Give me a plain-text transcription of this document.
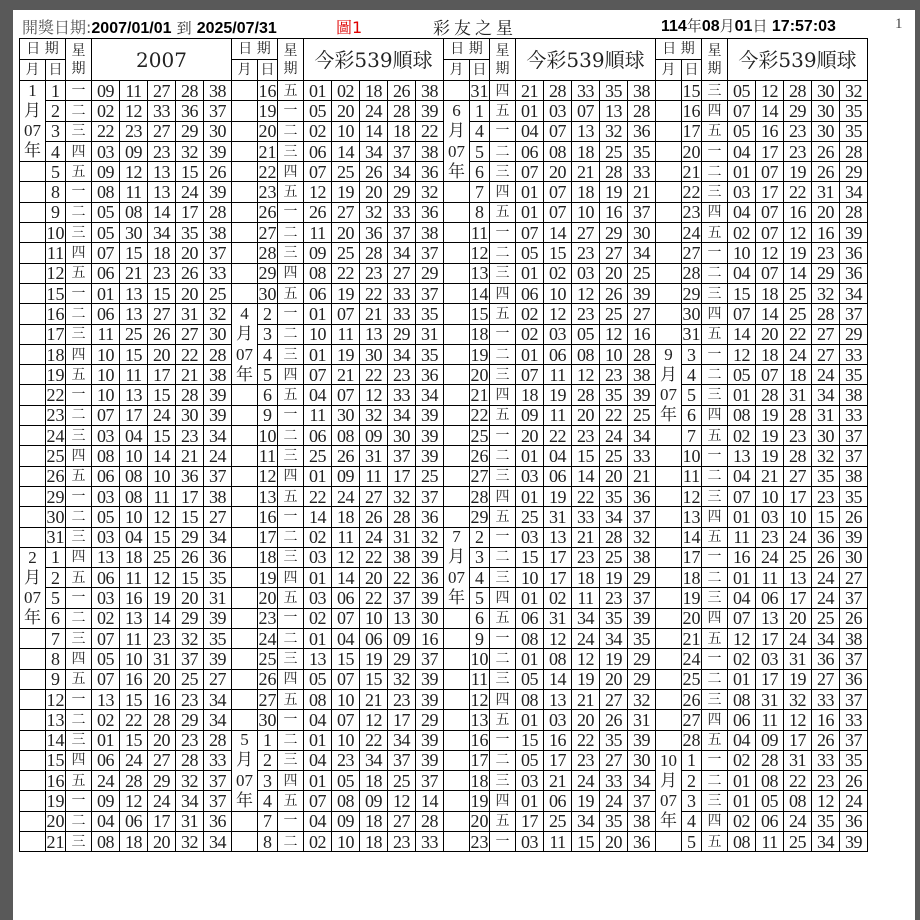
開獎日期:2007/01/01 到 2025/07/31	圖1	彩友之星	114年08月01日 17:57:03	1
日 期	星
期	2007	日 期	星
期	今彩539順球	日 期	星
期	今彩539順球	日 期	星
期	今彩539順球
月	日							月	日							月	日							月	日						
1	1	一	09	11	27	28	38		16	五	01	02	18	26	38		31	四	21	28	33	35	38		15	三	05	12	28	30	32
月	2	二	02	12	33	36	37		19	一	05	20	24	28	39	6	1	五	01	03	07	13	28		16	四	07	14	29	30	35
07	3	三	22	23	27	29	30		20	二	02	10	14	18	22	月	4	一	04	07	13	32	36		17	五	05	16	23	30	35
年	4	四	03	09	23	32	39		21	三	06	14	34	37	38	07	5	二	06	08	18	25	35		20	一	04	17	23	26	28
	5	五	09	12	13	15	26		22	四	07	25	26	34	36	年	6	三	07	20	21	28	33		21	二	01	07	19	26	29
	8	一	08	11	13	24	39		23	五	12	19	20	29	32		7	四	01	07	18	19	21		22	三	03	17	22	31	34
	9	二	05	08	14	17	28		26	一	26	27	32	33	36		8	五	01	07	10	16	37		23	四	04	07	16	20	28
	10	三	05	30	34	35	38		27	二	11	20	36	37	38		11	一	07	14	27	29	30		24	五	02	07	12	16	39
	11	四	07	15	18	20	37		28	三	09	25	28	34	37		12	二	05	15	23	27	34		27	一	10	12	19	23	36
	12	五	06	21	23	26	33		29	四	08	22	23	27	29		13	三	01	02	03	20	25		28	二	04	07	14	29	36
	15	一	01	13	15	20	25		30	五	06	19	22	33	37		14	四	06	10	12	26	39		29	三	15	18	25	32	34
	16	二	06	13	27	31	32	4	2	一	01	07	21	33	35		15	五	02	12	23	25	27		30	四	07	14	25	28	37
	17	三	11	25	26	27	30	月	3	二	10	11	13	29	31		18	一	02	03	05	12	16		31	五	14	20	22	27	29
	18	四	10	15	20	22	28	07	4	三	01	19	30	34	35		19	二	01	06	08	10	28	9	3	一	12	18	24	27	33
	19	五	10	11	17	21	38	年	5	四	07	21	22	23	36		20	三	07	11	12	23	38	月	4	二	05	07	18	24	35
	22	一	10	13	15	28	39		6	五	04	07	12	33	34		21	四	18	19	28	35	39	07	5	三	01	28	31	34	38
	23	二	07	17	24	30	39		9	一	11	30	32	34	39		22	五	09	11	20	22	25	年	6	四	08	19	28	31	33
	24	三	03	04	15	23	34		10	二	06	08	09	30	39		25	一	20	22	23	24	34		7	五	02	19	23	30	37
	25	四	08	10	14	21	24		11	三	25	26	31	37	39		26	二	01	04	15	25	33		10	一	13	19	28	32	37
	26	五	06	08	10	36	37		12	四	01	09	11	17	25		27	三	03	06	14	20	21		11	二	04	21	27	35	38
	29	一	03	08	11	17	38		13	五	22	24	27	32	37		28	四	01	19	22	35	36		12	三	07	10	17	23	35
	30	二	05	10	12	15	27		16	一	14	18	26	28	36		29	五	25	31	33	34	37		13	四	01	03	10	15	26
	31	三	03	04	15	29	34		17	二	02	11	24	31	32	7	2	一	03	13	21	28	32		14	五	11	23	24	36	39
2	1	四	13	18	25	26	36		18	三	03	12	22	38	39	月	3	二	15	17	23	25	38		17	一	16	24	25	26	30
月	2	五	06	11	12	15	35		19	四	01	14	20	22	36	07	4	三	10	17	18	19	29		18	二	01	11	13	24	27
07	5	一	03	16	19	20	31		20	五	03	06	22	37	39	年	5	四	01	02	11	23	37		19	三	04	06	17	24	37
年	6	二	02	13	14	29	39		23	一	02	07	10	13	30		6	五	06	31	34	35	39		20	四	07	13	20	25	26
	7	三	07	11	23	32	35		24	二	01	04	06	09	16		9	一	08	12	24	34	35		21	五	12	17	24	34	38
	8	四	05	10	31	37	39		25	三	13	15	19	29	37		10	二	01	08	12	19	29		24	一	02	03	31	36	37
	9	五	07	16	20	25	27		26	四	05	07	15	32	39		11	三	05	14	19	20	29		25	二	01	17	19	27	36
	12	一	13	15	16	23	34		27	五	08	10	21	23	39		12	四	08	13	21	27	32		26	三	08	31	32	33	37
	13	二	02	22	28	29	34		30	一	04	07	12	17	29		13	五	01	03	20	26	31		27	四	06	11	12	16	33
	14	三	01	15	20	23	28	5	1	二	01	10	22	34	39		16	一	15	16	22	35	39		28	五	04	09	17	26	37
	15	四	06	24	27	28	33	月	2	三	04	23	34	37	39		17	二	05	17	23	27	30	10	1	一	02	28	31	33	35
	16	五	24	28	29	32	37	07	3	四	01	05	18	25	37		18	三	03	21	24	33	34	月	2	二	01	08	22	23	26
	19	一	09	12	24	34	37	年	4	五	07	08	09	12	14		19	四	01	06	19	24	37	07	3	三	01	05	08	12	24
	20	二	04	06	17	31	36		7	一	04	09	18	27	28		20	五	17	25	34	35	38	年	4	四	02	06	24	35	36
	21	三	08	18	20	32	34		8	二	02	10	18	23	33		23	一	03	11	15	20	36		5	五	08	11	25	34	39
